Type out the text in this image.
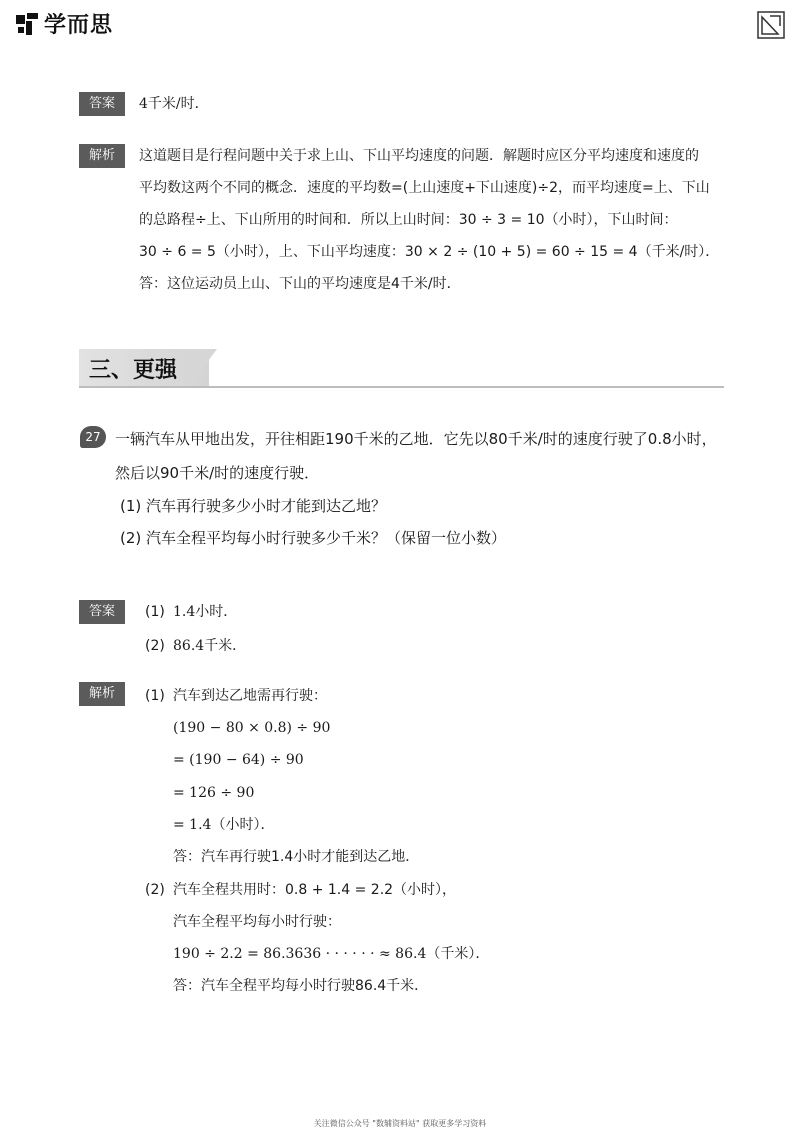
学而思
答案	4千米/时．
解析	这道题目是行程问题中关于求上山、下山平均速度的问题．解题时应区分平均速度和速度的
平均数这两个不同的概念．速度的平均数=(上山速度+下山速度)÷2，而平均速度=上、下山
的总路程÷上、下山所用的时间和．所以上山时间：30 ÷ 3 = 10（小时），下山时间：
30 ÷ 6 = 5（小时），上、下山平均速度：30 × 2 ÷ (10 + 5) = 60 ÷ 15 = 4（千米/时）．
答：这位运动员上山、下山的平均速度是4千米/时．
三、更强
27 一辆汽车从甲地出发，开往相距190千米的乙地．它先以80千米/时的速度行驶了0.8小时，
然后以90千米/时的速度行驶．
(1) 汽车再行驶多少小时才能到达乙地？
(2) 汽车全程平均每小时行驶多少千米？（保留一位小数）
答案	(1) 1.4小时．
(2) 86.4千米．
解析	(1) 汽车到达乙地需再行驶：
(190 − 80 × 0.8) ÷ 90
= (190 − 64) ÷ 90
= 126 ÷ 90
= 1.4（小时）．
答：汽车再行驶1.4小时才能到达乙地．
(2) 汽车全程共用时：0.8 + 1.4 = 2.2（小时），
汽车全程平均每小时行驶：
190 ÷ 2.2 = 86.3636 · · · · · · ≈ 86.4（千米）．
答：汽车全程平均每小时行驶86.4千米．
关注微信公众号 "数辅资料站" 获取更多学习资料
